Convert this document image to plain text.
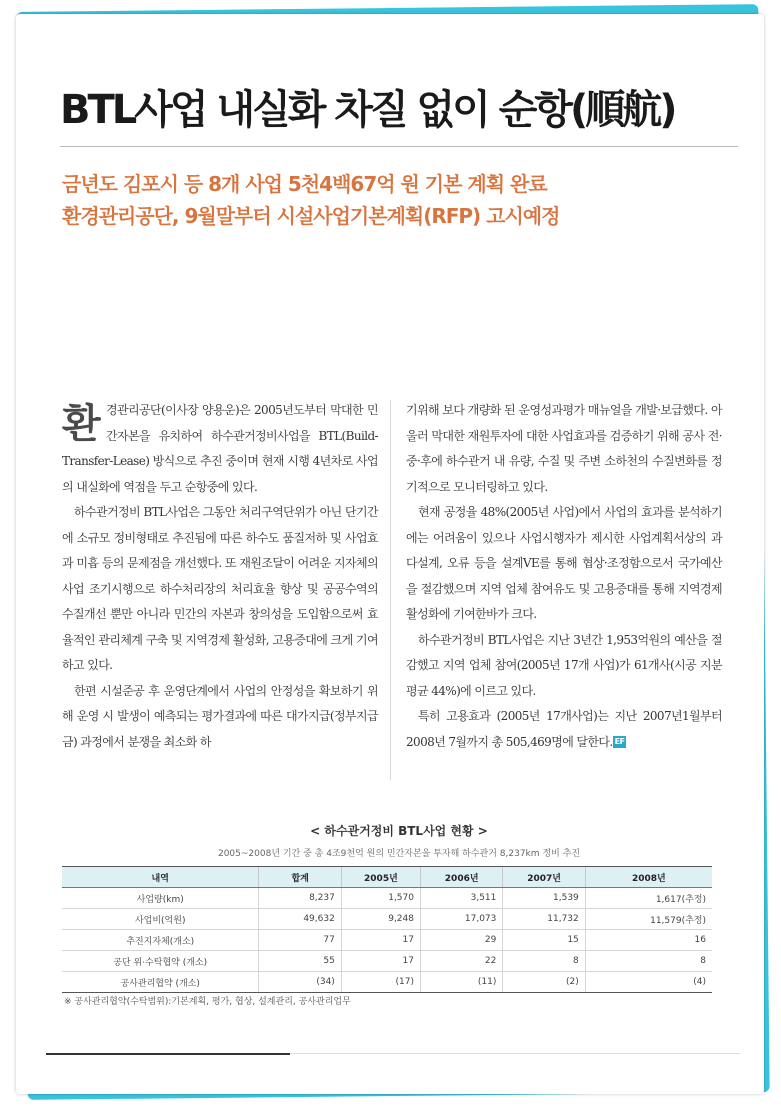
BTL사업 내실화 차질 없이 순항(順航)
금년도 김포시 등 8개 사업 5천4백67억 원 기본 계획 완료
환경관리공단, 9월말부터 시설사업기본계획(RFP) 고시예정

환경관리공단(이사장 양용운)은 2005년도부터 막대한 민간자본을 유치하여 하수관거정비사업을 BTL(Build-Transfer-Lease) 방식으로 추진 중이며 현재 시행 4년차로 사업의 내실화에 역점을 두고 순항중에 있다.

하수관거정비 BTL사업은 그동안 처리구역단위가 아닌 단기간에 소규모 정비형태로 추진됨에 따른 하수도 품질저하 및 사업효과 미흡 등의 문제점을 개선했다. 또 재원조달이 어려운 지자체의 사업 조기시행으로 하수처리장의 처리효율 향상 및 공공수역의 수질개선 뿐만 아니라 민간의 자본과 창의성을 도입함으로써 효율적인 관리체계 구축 및 지역경제 활성화, 고용증대에 크게 기여하고 있다.

한편 시설준공 후 운영단계에서 사업의 안정성을 확보하기 위해 운영 시 발생이 예측되는 평가결과에 따른 대가지급(정부지급금) 과정에서 분쟁을 최소화 하

기위해 보다 개량화 된 운영성과평가 매뉴얼을 개발·보급했다. 아울러 막대한 재원투자에 대한 사업효과를 검증하기 위해 공사 전·중·후에 하수관거 내 유량, 수질 및 주변 소하천의 수질변화를 정기적으로 모니터링하고 있다.

현재 공정율 48%(2005년 사업)에서 사업의 효과를 분석하기에는 어려움이 있으나 사업시행자가 제시한 사업계획서상의 과다설계, 오류 등을 설계VE를 통해 협상·조정함으로서 국가예산을 절감했으며 지역 업체 참여유도 및 고용증대를 통해 지역경제 활성화에 기여한바가 크다.

하수관거정비 BTL사업은 지난 3년간 1,953억원의 예산을 절감했고 지역 업체 참여(2005년 17개 사업)가 61개사(시공 지분 평균 44%)에 이르고 있다.

특히 고용효과 (2005년 17개사업)는 지난 2007년1월부터 2008년 7월까지 총 505,469명에 달한다. EF

< 하수관거정비 BTL사업 현황 >
2005~2008년 기간 중 총 4조9천억 원의 민간자본을 투자해 하수관거 8,237km 정비 추진
내역	합계	2005년	2006년	2007년	2008년
사업량(km)	8,237	1,570	3,511	1,539	1,617(추정)
사업비(억원)	49,632	9,248	17,073	11,732	11,579(추정)
추진지자체(개소)	77	17	29	15	16
공단 위·수탁협약 (개소)	55	17	22	8	8
공사관리협약 (개소)	(34)	(17)	(11)	(2)	(4)
※ 공사관리협약(수탁범위):기본계획, 평가, 협상, 설계관리, 공사관리업무
